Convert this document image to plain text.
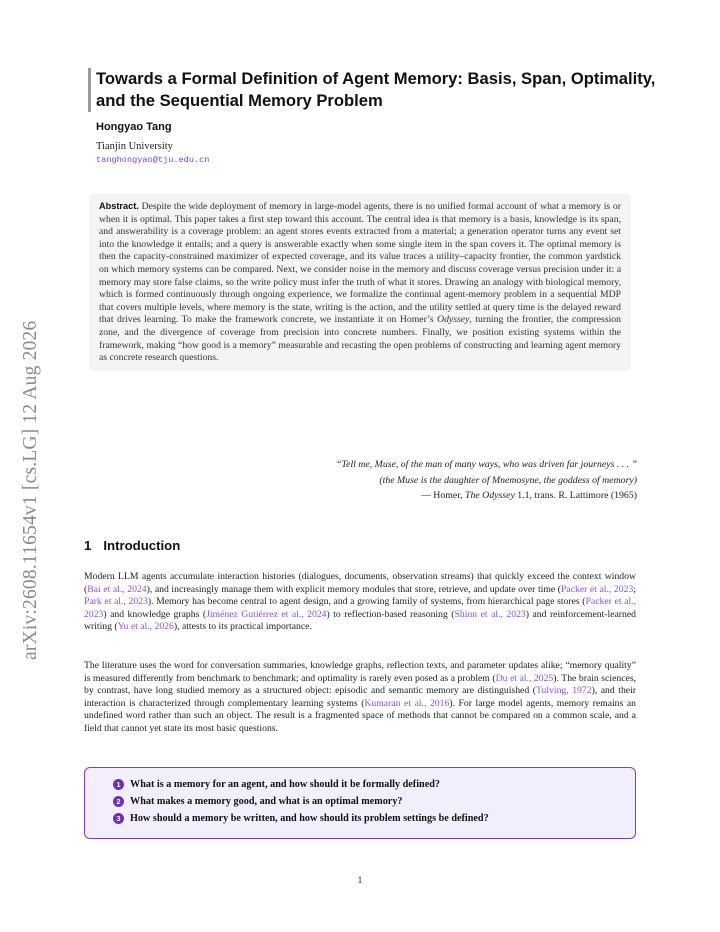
arXiv:2608.11654v1 [cs.LG] 12 Aug 2026
Towards a Formal Definition of Agent Memory: Basis, Span, Optimality, and the Sequential Memory Problem
Hongyao Tang
Tianjin University
tanghongyao@tju.edu.cn
Abstract. Despite the wide deployment of memory in large-model agents, there is no unified formal account of what a memory is or when it is optimal. This paper takes a first step toward this account. The central idea is that memory is a basis, knowledge is its span, and answerability is a coverage problem: an agent stores events extracted from a material; a generation operator turns any event set into the knowledge it entails; and a query is answerable exactly when some single item in the span covers it. The optimal memory is then the capacity-constrained maximizer of expected coverage, and its value traces a utility–capacity frontier, the common yardstick on which memory systems can be compared. Next, we consider noise in the memory and discuss coverage versus precision under it: a memory may store false claims, so the write policy must infer the truth of what it stores. Drawing an analogy with biological memory, which is formed continuously through ongoing experience, we formalize the continual agent-memory problem in a sequential MDP that covers multiple levels, where memory is the state, writing is the action, and the utility settled at query time is the delayed reward that drives learning. To make the framework concrete, we instantiate it on Homer’s Odyssey, turning the frontier, the compression zone, and the divergence of coverage from precision into concrete numbers. Finally, we position existing systems within the framework, making “how good is a memory” measurable and recasting the open problems of constructing and learning agent memory as concrete research questions.
“Tell me, Muse, of the man of many ways, who was driven far journeys . . . ”
(the Muse is the daughter of Mnemosyne, the goddess of memory)
— Homer, The Odyssey 1.1, trans. R. Lattimore (1965)
1 Introduction

Modern LLM agents accumulate interaction histories (dialogues, documents, observation streams) that quickly exceed the context window (Bai et al., 2024), and increasingly manage them with explicit memory modules that store, retrieve, and update over time (Packer et al., 2023; Park et al., 2023). Memory has become central to agent design, and a growing family of systems, from hierarchical page stores (Packer et al., 2023) and knowledge graphs (Jiménez Gutiérrez et al., 2024) to reflection-based reasoning (Shinn et al., 2023) and reinforcement-learned writing (Yu et al., 2026), attests to its practical importance.

The literature uses the word for conversation summaries, knowledge graphs, reflection texts, and parameter updates alike; “memory quality” is measured differently from benchmark to benchmark; and optimality is rarely even posed as a problem (Du et al., 2025). The brain sciences, by contrast, have long studied memory as a structured object: episodic and semantic memory are distinguished (Tulving, 1972), and their interaction is characterized through complementary learning systems (Kumaran et al., 2016). For large model agents, memory remains an undefined word rather than such an object. The result is a fragmented space of methods that cannot be compared on a common scale, and a field that cannot yet state its most basic questions.

1 What is a memory for an agent, and how should it be formally defined?
2 What makes a memory good, and what is an optimal memory?
3 How should a memory be written, and how should its problem settings be defined?
1
